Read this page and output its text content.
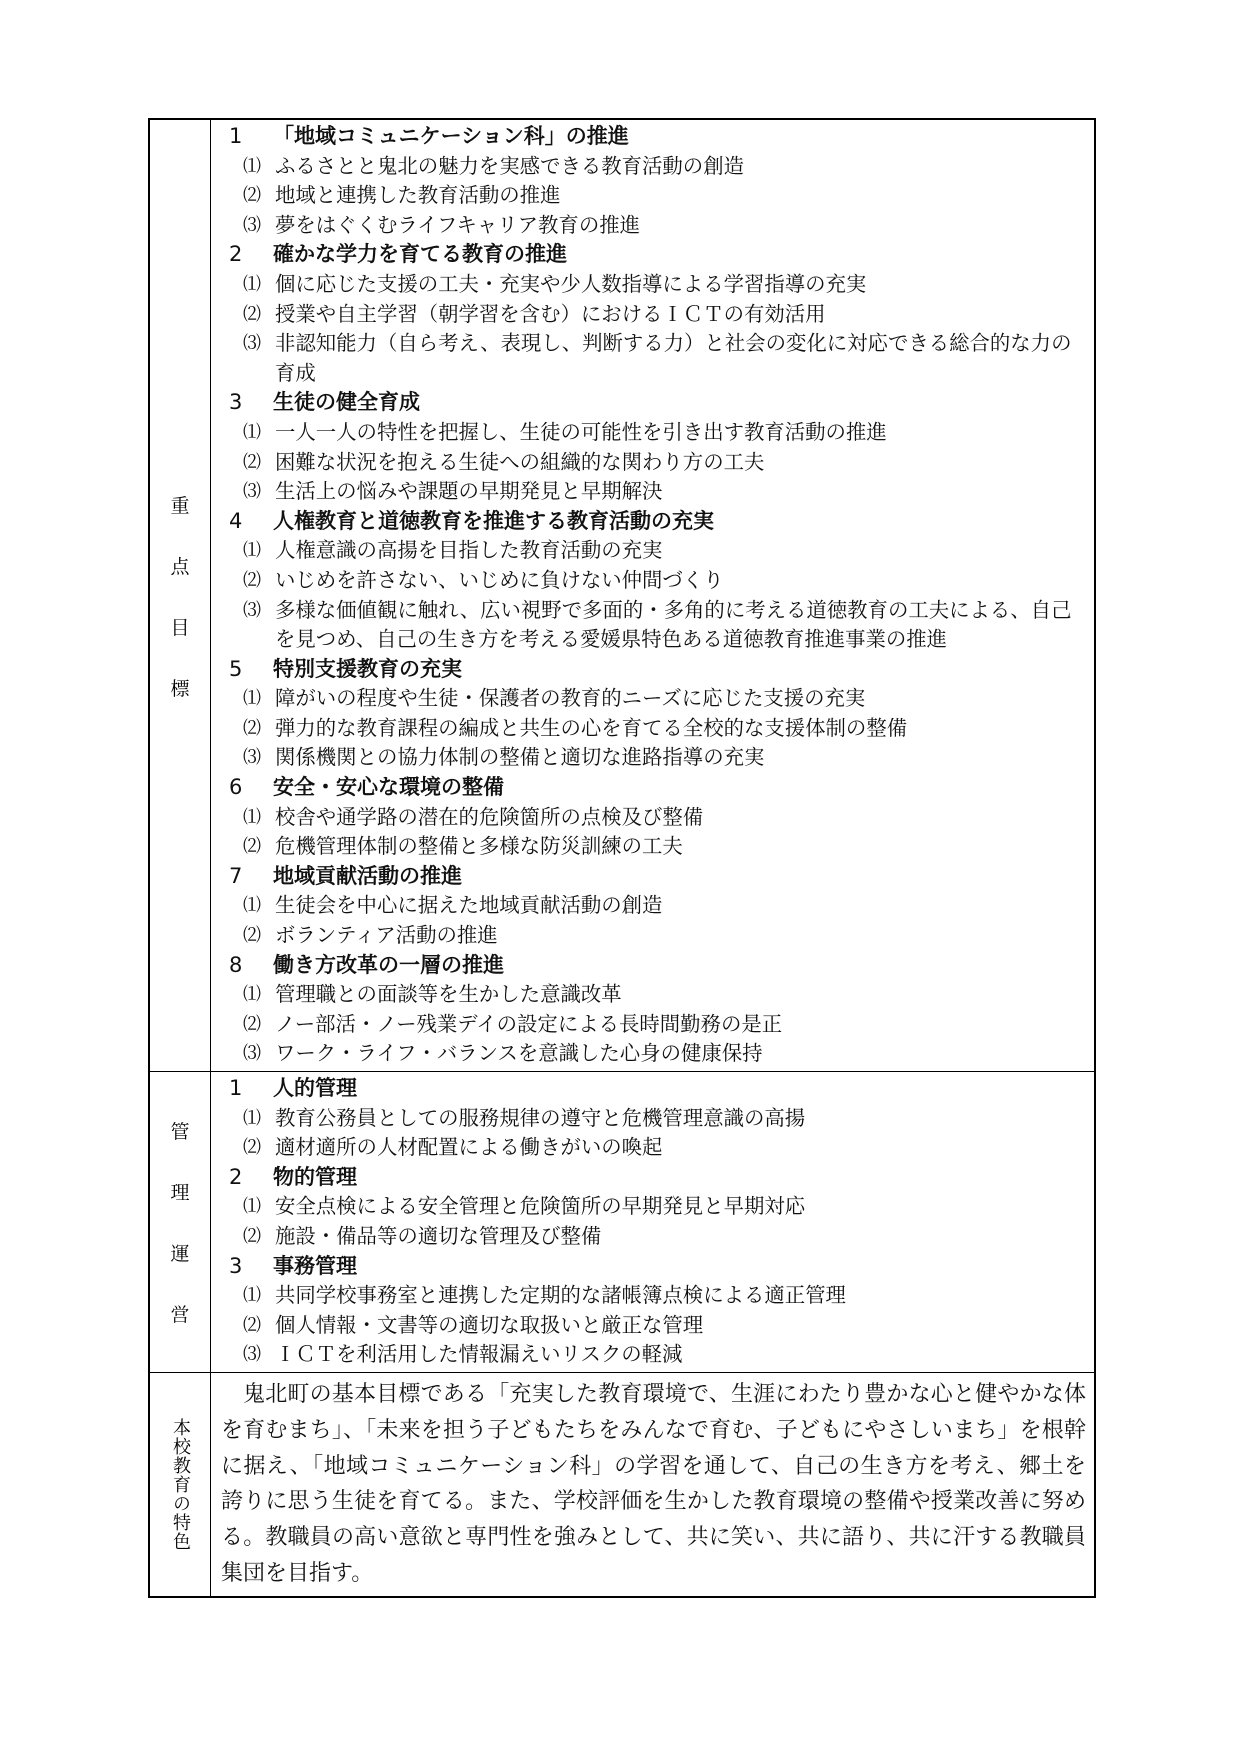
重
点
目
標
1 「地域コミュニケーション科」の推進
⑴ ふるさとと鬼北の魅力を実感できる教育活動の創造
⑵ 地域と連携した教育活動の推進
⑶ 夢をはぐくむライフキャリア教育の推進
2 確かな学力を育てる教育の推進
⑴ 個に応じた支援の工夫・充実や少人数指導による学習指導の充実
⑵ 授業や自主学習（朝学習を含む）におけるＩＣＴの有効活用
⑶ 非認知能力（自ら考え、表現し、判断する力）と社会の変化に対応できる総合的な力の育成
3 生徒の健全育成
⑴ 一人一人の特性を把握し、生徒の可能性を引き出す教育活動の推進
⑵ 困難な状況を抱える生徒への組織的な関わり方の工夫
⑶ 生活上の悩みや課題の早期発見と早期解決
4 人権教育と道徳教育を推進する教育活動の充実
⑴ 人権意識の高揚を目指した教育活動の充実
⑵ いじめを許さない、いじめに負けない仲間づくり
⑶ 多様な価値観に触れ、広い視野で多面的・多角的に考える道徳教育の工夫による、自己を見つめ、自己の生き方を考える愛媛県特色ある道徳教育推進事業の推進
5 特別支援教育の充実
⑴ 障がいの程度や生徒・保護者の教育的ニーズに応じた支援の充実
⑵ 弾力的な教育課程の編成と共生の心を育てる全校的な支援体制の整備
⑶ 関係機関との協力体制の整備と適切な進路指導の充実
6 安全・安心な環境の整備
⑴ 校舎や通学路の潜在的危険箇所の点検及び整備
⑵ 危機管理体制の整備と多様な防災訓練の工夫
7 地域貢献活動の推進
⑴ 生徒会を中心に据えた地域貢献活動の創造
⑵ ボランティア活動の推進
8 働き方改革の一層の推進
⑴ 管理職との面談等を生かした意識改革
⑵ ノー部活・ノー残業デイの設定による長時間勤務の是正
⑶ ワーク・ライフ・バランスを意識した心身の健康保持
管
理
運
営
1 人的管理
⑴ 教育公務員としての服務規律の遵守と危機管理意識の高揚
⑵ 適材適所の人材配置による働きがいの喚起
2 物的管理
⑴ 安全点検による安全管理と危険箇所の早期発見と早期対応
⑵ 施設・備品等の適切な管理及び整備
3 事務管理
⑴ 共同学校事務室と連携した定期的な諸帳簿点検による適正管理
⑵ 個人情報・文書等の適切な取扱いと厳正な管理
⑶ ＩＣＴを利活用した情報漏えいリスクの軽減
本校教育の特色
鬼北町の基本目標である「充実した教育環境で、生涯にわたり豊かな心と健やかな体を育むまち」、「未来を担う子どもたちをみんなで育む、子どもにやさしいまち」を根幹に据え、「地域コミュニケーション科」の学習を通して、自己の生き方を考え、郷土を誇りに思う生徒を育てる。また、学校評価を生かした教育環境の整備や授業改善に努める。教職員の高い意欲と専門性を強みとして、共に笑い、共に語り、共に汗する教職員集団を目指す。
